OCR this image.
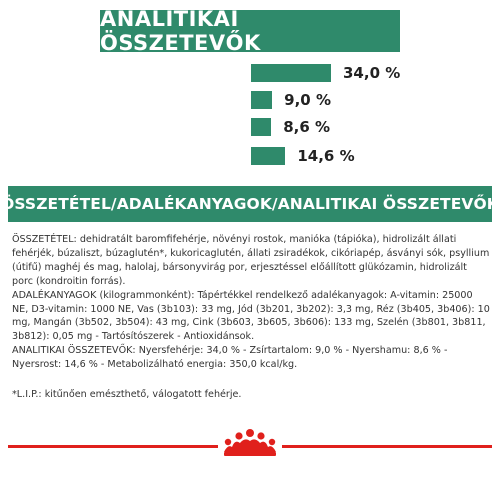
ANALITIKAI ÖSSZETEVŐK
34,0 %
9,0 %
8,6 %
14,6 %
ÖSSZETÉTEL/ADALÉKANYAGOK/ANALITIKAI ÖSSZETEVŐK

ÖSSZETÉTEL: dehidratált baromfifehérje, növényi rostok, manióka (tápióka), hidrolizált állati fehérjék, búzaliszt, búzaglutén*, kukoricaglutén, állati zsiradékok, cikóriapép, ásványi sók, psyllium (útifű) maghéj és mag, halolaj, bársonyvirág por, erjesztéssel előállított glükózamin, hidrolizált porc (kondroitin forrás).

ADALÉKANYAGOK (kilogrammonként): Tápértékkel rendelkező adalékanyagok: A-vitamin: 25000 NE, D3-vitamin: 1000 NE, Vas (3b103): 33 mg, Jód (3b201, 3b202): 3,3 mg, Réz (3b405, 3b406): 10 mg, Mangán (3b502, 3b504): 43 mg, Cink (3b603, 3b605, 3b606): 133 mg, Szelén (3b801, 3b811, 3b812): 0,05 mg - Tartósítószerek - Antioxidánsok.

ANALITIKAI ÖSSZETEVŐK: Nyersfehérje: 34,0 % - Zsírtartalom: 9,0 % - Nyershamu: 8,6 % - Nyersrost: 14,6 % - Metabolizálható energia: 350,0 kcal/kg.

*L.I.P.: kitűnően emészthető, válogatott fehérje.
